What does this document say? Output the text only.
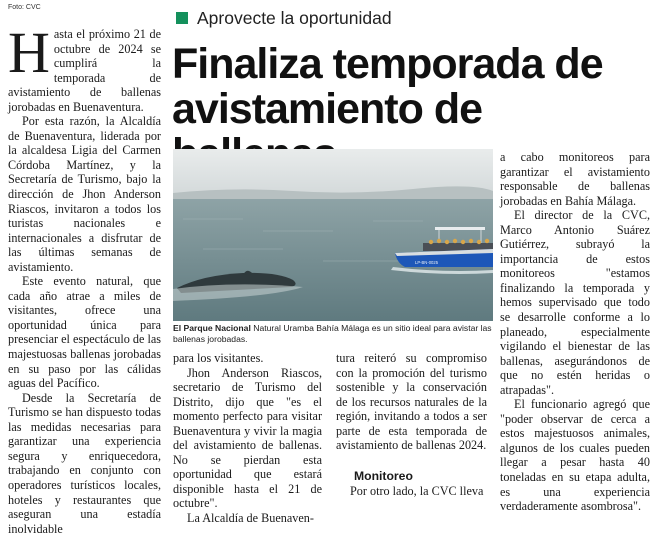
Foto: CVC
H asta el próximo 21 de octubre de 2024 se cumplirá la temporada de avistamiento de ballenas jorobadas en Buenaventura.

Por esta razón, la Alcaldía de Buenaventura, liderada por la alcaldesa Ligia del Carmen Córdoba Martínez, y la Secretaría de Turismo, bajo la dirección de Jhon Anderson Riascos, invitaron a todos los turistas nacionales e internacionales a disfrutar de las últimas semanas de avistamiento.

Este evento natural, que cada año atrae a miles de visitantes, ofrece una oportunidad única para presenciar el espectáculo de las majestuosas ballenas jorobadas en su paso por las cálidas aguas del Pacífico.

Desde la Secretaría de Turismo se han dispuesto todas las medidas necesarias para garantizar una experiencia segura y enriquecedora, trabajando en conjunto con operadores turísticos locales, hoteles y restaurantes que aseguran una estadía inolvidable

Aprovecte la oportunidad
Finaliza temporada de avistamiento de
LP-BN-0025
El Parque Nacional Natural Uramba Bahía Málaga es un sitio ideal para avistar las ballenas jorobadas.

para los visitantes.

Jhon Anderson Riascos, secretario de Turismo del Distrito, dijo que "es el momento perfecto para visitar Buenaventura y vivir la magia del avistamiento de ballenas. No se pierdan esta oportunidad que estará disponible hasta el 21 de octubre".

La Alcaldía de Buenaven-

tura reiteró su compromiso con la promoción del turismo sostenible y la conservación de los recursos naturales de la región, invitando a todos a ser parte de esta temporada de avistamiento de ballenas 2024.

Monitoreo

Por otro lado, la CVC lleva

a cabo monitoreos para garantizar el avistamiento responsable de ballenas jorobadas en Bahía Málaga.

El director de la CVC, Marco Antonio Suárez Gutiérrez, subrayó la importancia de estos monitoreos "estamos finalizando la temporada y hemos supervisado que todo se desarrolle conforme a lo planeado, especialmente vigilando el bienestar de las ballenas, asegurándonos de que no estén heridas o atrapadas".

El funcionario agregó que "poder observar de cerca a estos majestuosos animales, algunos de los cuales pueden llegar a pesar hasta 40 toneladas en su etapa adulta, es una experiencia verdaderamente asombrosa".
